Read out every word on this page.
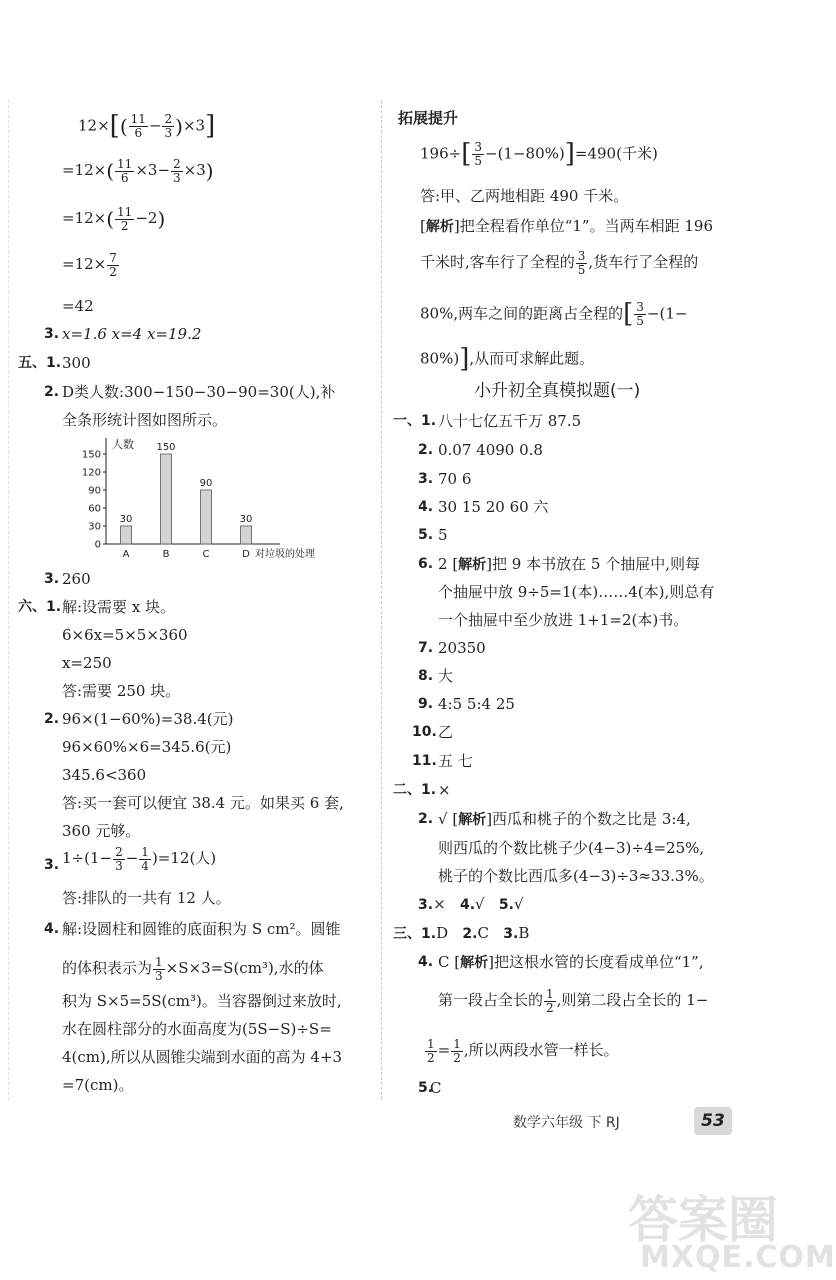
$12\times[( \frac{11}{6} - \frac{2}{3} )\times 3]$
$=12\times( \frac{11}{6} \times 3- \frac{2}{3} \times 3)$
$=12\times( \frac{11}{2} -2)$
$=12\times \frac{7}{2}$
=42
3. x=1.6 x=4 x=19.2
五、1. 300
2. D类人数:300−150−30−90=30(人),补
全条形统计图如图所示。
人数
0
30
60
90
120
150
30
A
150
B
90
C
30
D 对垃圾的处理
3. 260
六、1. 解:设需要 x 块。
6×6x=5×5×360
x=250
答:需要 250 块。
2. 96×(1−60%)=38.4(元)
96×60%×6=345.6(元)
345.6<360
答:买一套可以便宜 38.4 元。如果买 6 套,
360 元够。
3. $1\div(1- \frac{2}{3} - \frac{1}{4} )=12$(人)
答:排队的一共有 12 人。
4. 解:设圆柱和圆锥的底面积为 S cm²。圆锥
的体积表示为 $\frac{1}{3} \times S\times 3=S(cm^3)$,水的体
积为 S×5=5S(cm³)。当容器倒过来放时,
水在圆柱部分的水面高度为(5S−S)÷S=
4(cm),所以从圆锥尖端到水面的高为 4+3
=7(cm)。
拓展提升
$196\div[ \frac{3}{5} -(1-80\%)]=490$(千米)
答:甲、乙两地相距 490 千米。
[解析]把全程看作单位“1”。当两车相距 196
千米时,客车行了全程的 $\frac{3}{5}$ ,货车行了全程的
80%,两车之间的距离占全程的[ $\frac{3}{5} -(1-$
80%)],从而可求解此题。
小升初全真模拟题(一)
一、1. 八十七亿五千万 87.5
2. 0.07 4090 0.8
3. 70 6
4. 30 15 20 60 六
5. 5
6. 2 [解析]把 9 本书放在 5 个抽屉中,则每
个抽屉中放 9÷5=1(本)……4(本),则总有
一个抽屉中至少放进 1+1=2(本)书。
7. 20350
8. 大
9. 4:5 5:4 25
10. 乙
11. 五 七
二、1. ×
2. √ [解析]西瓜和桃子的个数之比是 3:4,
则西瓜的个数比桃子少(4−3)÷4=25%,
桃子的个数比西瓜多(4−3)÷3≈33.3%。
3.× 4.√ 5.√
三、1.D 2.C 3.B
4. C [解析]把这根水管的长度看成单位“1”,
第一段占全长的 $\frac{1}{2}$ ,则第二段占全长的 1−
$\frac{1}{2} = \frac{1}{2}$ ,所以两段水管一样长。
5.
C
数学六年级 下 RJ	53
答案圈
MXQE.COM
